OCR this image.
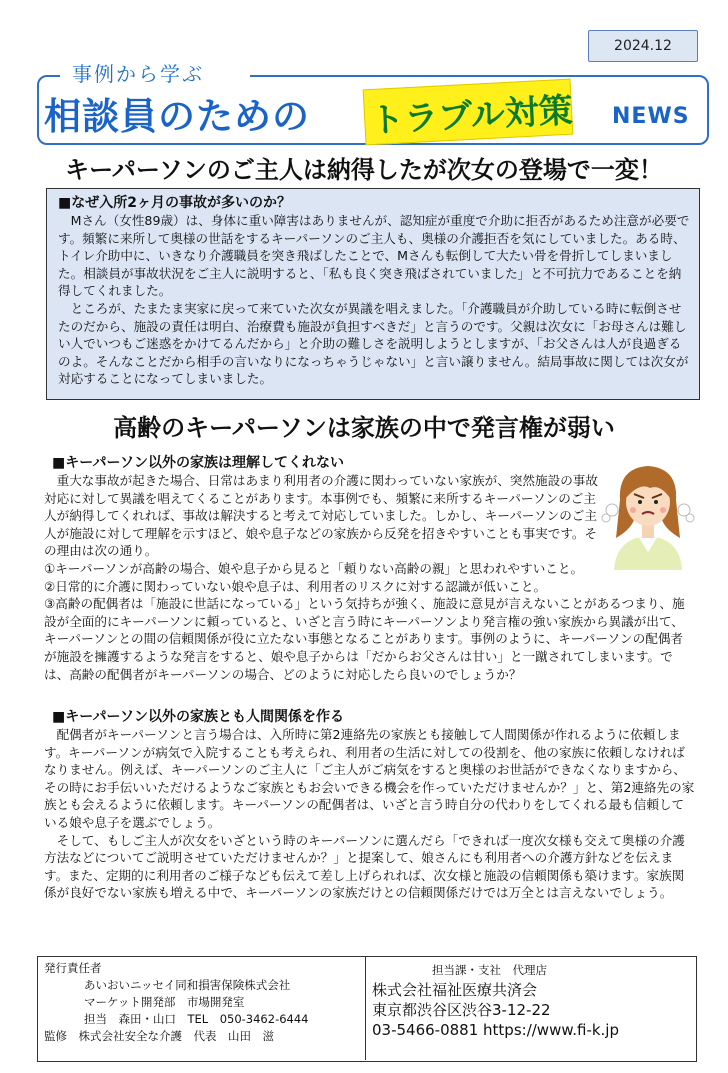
2024.12
事例から学ぶ
相談員のための トラブル対策 NEWS
キーパーソンのご主人は納得したが次女の登場で一変！
■なぜ入所2ヶ月の事故が多いのか？

Mさん（女性89歳）は、身体に重い障害はありませんが、認知症が重度で介助に拒否があるため注意が必要です。頻繁に来所して奥様の世話をするキーパーソンのご主人も、奥様の介護拒否を気にしていました。ある時、トイレ介助中に、いきなり介護職員を突き飛ばしたことで、Mさんも転倒して大たい骨を骨折してしまいました。相談員が事故状況をご主人に説明すると、「私も良く突き飛ばされていました」と不可抗力であることを納得してくれました。

ところが、たまたま実家に戻って来ていた次女が異議を唱えました。「介護職員が介助している時に転倒させたのだから、施設の責任は明白、治療費も施設が負担すべきだ」と言うのです。父親は次女に「お母さんは難しい人でいつもご迷惑をかけてるんだから」と介助の難しさを説明しようとしますが、「お父さんは人が良過ぎるのよ。そんなことだから相手の言いなりになっちゃうじゃない」と言い譲りません。結局事故に関しては次女が対応することになってしまいました。

高齢のキーパーソンは家族の中で発言権が弱い
■キーパーソン以外の家族は理解してくれない

重大な事故が起きた場合、日常はあまり利用者の介護に関わっていない家族が、突然施設の事故対応に対して異議を唱えてくることがあります。本事例でも、頻繁に来所するキーパーソンのご主人が納得してくれれば、事故は解決すると考えて対応していました。しかし、キーパーソンのご主人が施設に対して理解を示すほど、娘や息子などの家族から反発を招きやすいことも事実です。その理由は次の通り。

①キーパーソンが高齢の場合、娘や息子から見ると「頼りない高齢の親」と思われやすいこと。

②日常的に介護に関わっていない娘や息子は、利用者のリスクに対する認識が低いこと。

③高齢の配偶者は「施設に世話になっている」という気持ちが強く、施設に意見が言えないことがあるつまり、施設が全面的にキーパーソンに頼っていると、いざと言う時にキーパーソンより発言権の強い家族から異議が出て、キーパーソンとの間の信頼関係が役に立たない事態となることがあります。事例のように、キーパーソンの配偶者が施設を擁護するような発言をすると、娘や息子からは「だからお父さんは甘い」と一蹴されてしまいます。では、高齢の配偶者がキーパーソンの場合、どのように対応したら良いのでしょうか？

■キーパーソン以外の家族とも人間関係を作る

配偶者がキーパーソンと言う場合は、入所時に第2連絡先の家族とも接触して人間関係が作れるように依頼します。キーパーソンが病気で入院することも考えられ、利用者の生活に対しての役割を、他の家族に依頼しなければなりません。例えば、キーパーソンのご主人に「ご主人がご病気をすると奥様のお世話ができなくなりますから、その時にお手伝いいただけるようなご家族ともお会いできる機会を作っていただけませんか？」と、第2連絡先の家族とも会えるように依頼します。キーパーソンの配偶者は、いざと言う時自分の代わりをしてくれる最も信頼している娘や息子を選ぶでしょう。

そして、もしご主人が次女をいざという時のキーパーソンに選んだら「できれば一度次女様も交えて奥様の介護方法などについてご説明させていただけませんか？」と提案して、娘さんにも利用者への介護方針などを伝えます。また、定期的に利用者のご様子なども伝えて差し上げられれば、次女様と施設の信頼関係も築けます。家族関係が良好でない家族も増える中で、キーパーソンの家族だけとの信頼関係だけでは万全とは言えないでしょう。

発行責任者
あいおいニッセイ同和損害保険株式会社
マーケット開発部　市場開発室
担当　森田・山口　TEL　050-3462-6444
監修　株式会社安全な介護　代表　山田　滋
担当課・支社　代理店
株式会社福祉医療共済会
東京都渋谷区渋谷3-12-22
03-5466-0881 https://www.fi-k.jp
